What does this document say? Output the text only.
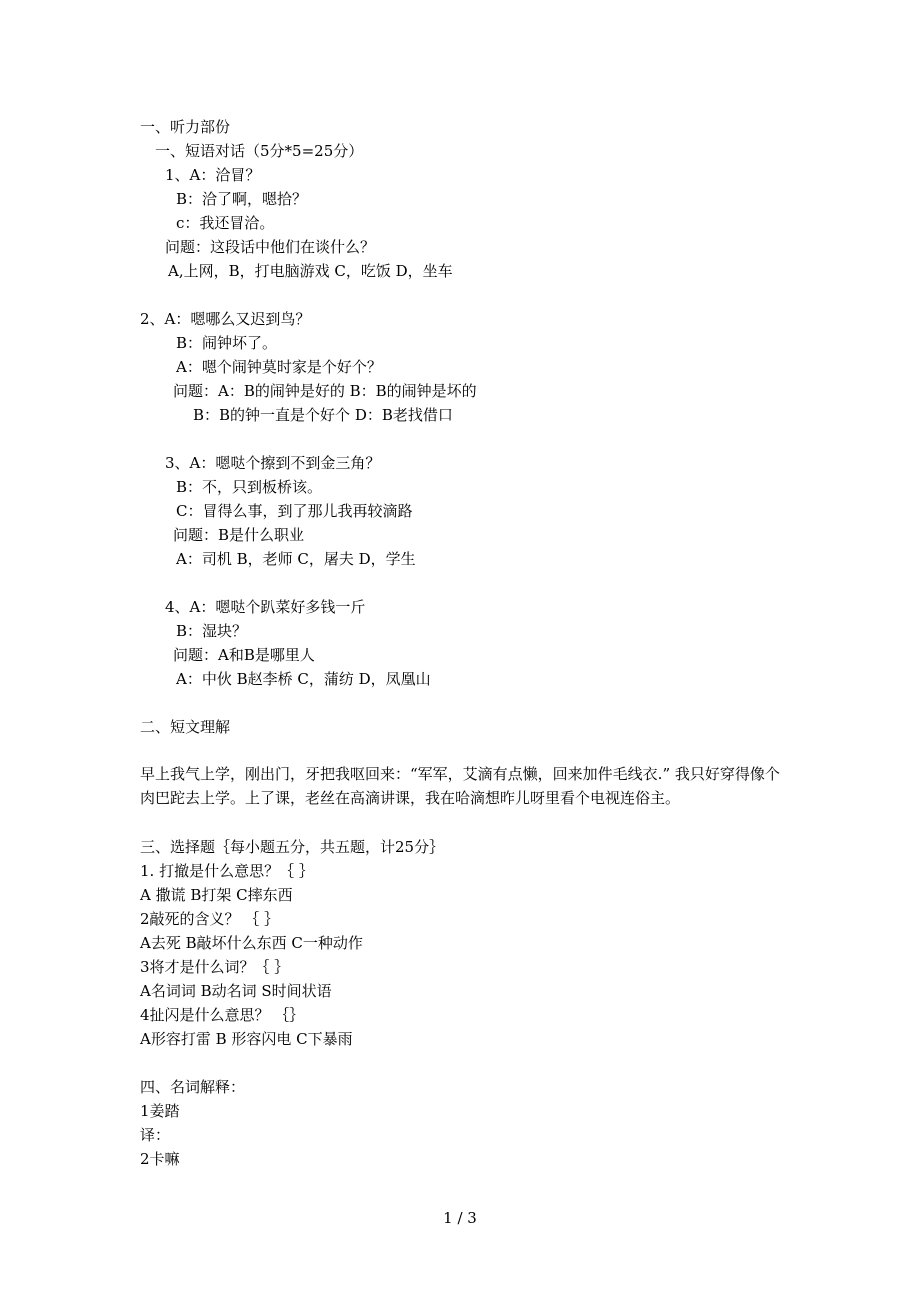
一、听力部份
一、短语对话（5分*5=25分）
1、A：洽冒？
B：洽了啊，嗯拾？
c：我还冒洽。
问题：这段话中他们在谈什么？
A,上网，B，打电脑游戏 C，吃饭 D，坐车
2、A：嗯哪么又迟到鸟？
B：闹钟坏了。
A：嗯个闹钟莫时家是个好个？
问题：A：B的闹钟是好的 B：B的闹钟是坏的
B：B的钟一直是个好个 D：B老找借口
3、A：嗯哒个擦到不到金三角？
B：不，只到板桥该。
C：冒得么事，到了那儿我再较滴路
问题：B是什么职业
A：司机 B，老师 C，屠夫 D，学生
4、A：嗯哒个趴菜好多钱一斤
B：湿块？
问题：A和B是哪里人
A：中伙 B赵李桥 C，蒲纺 D，凤凰山
二、短文理解
早上我气上学，刚出门，牙把我呕回来：“军军，艾滴有点懒，回来加件毛线衣.” 我只好穿得像个肉巴跎去上学。上了课，老丝在高滴讲课，我在哈滴想昨儿呀里看个电视连俗主。
三、选择题｛每小题五分，共五题，计25分｝
1. 打撤是什么意思？｛ ｝
A 撒谎 B打架 C摔东西
2敲死的含义？ ｛ ｝
A去死 B敲坏什么东西 C一种动作
3将才是什么词？｛ ｝
A名词词 B动名词 S时间状语
4扯闪是什么意思？ ｛｝
A形容打雷 B 形容闪电 C下暴雨
四、名词解释：
1姜踏
译：
2卡嘛
1 / 3
